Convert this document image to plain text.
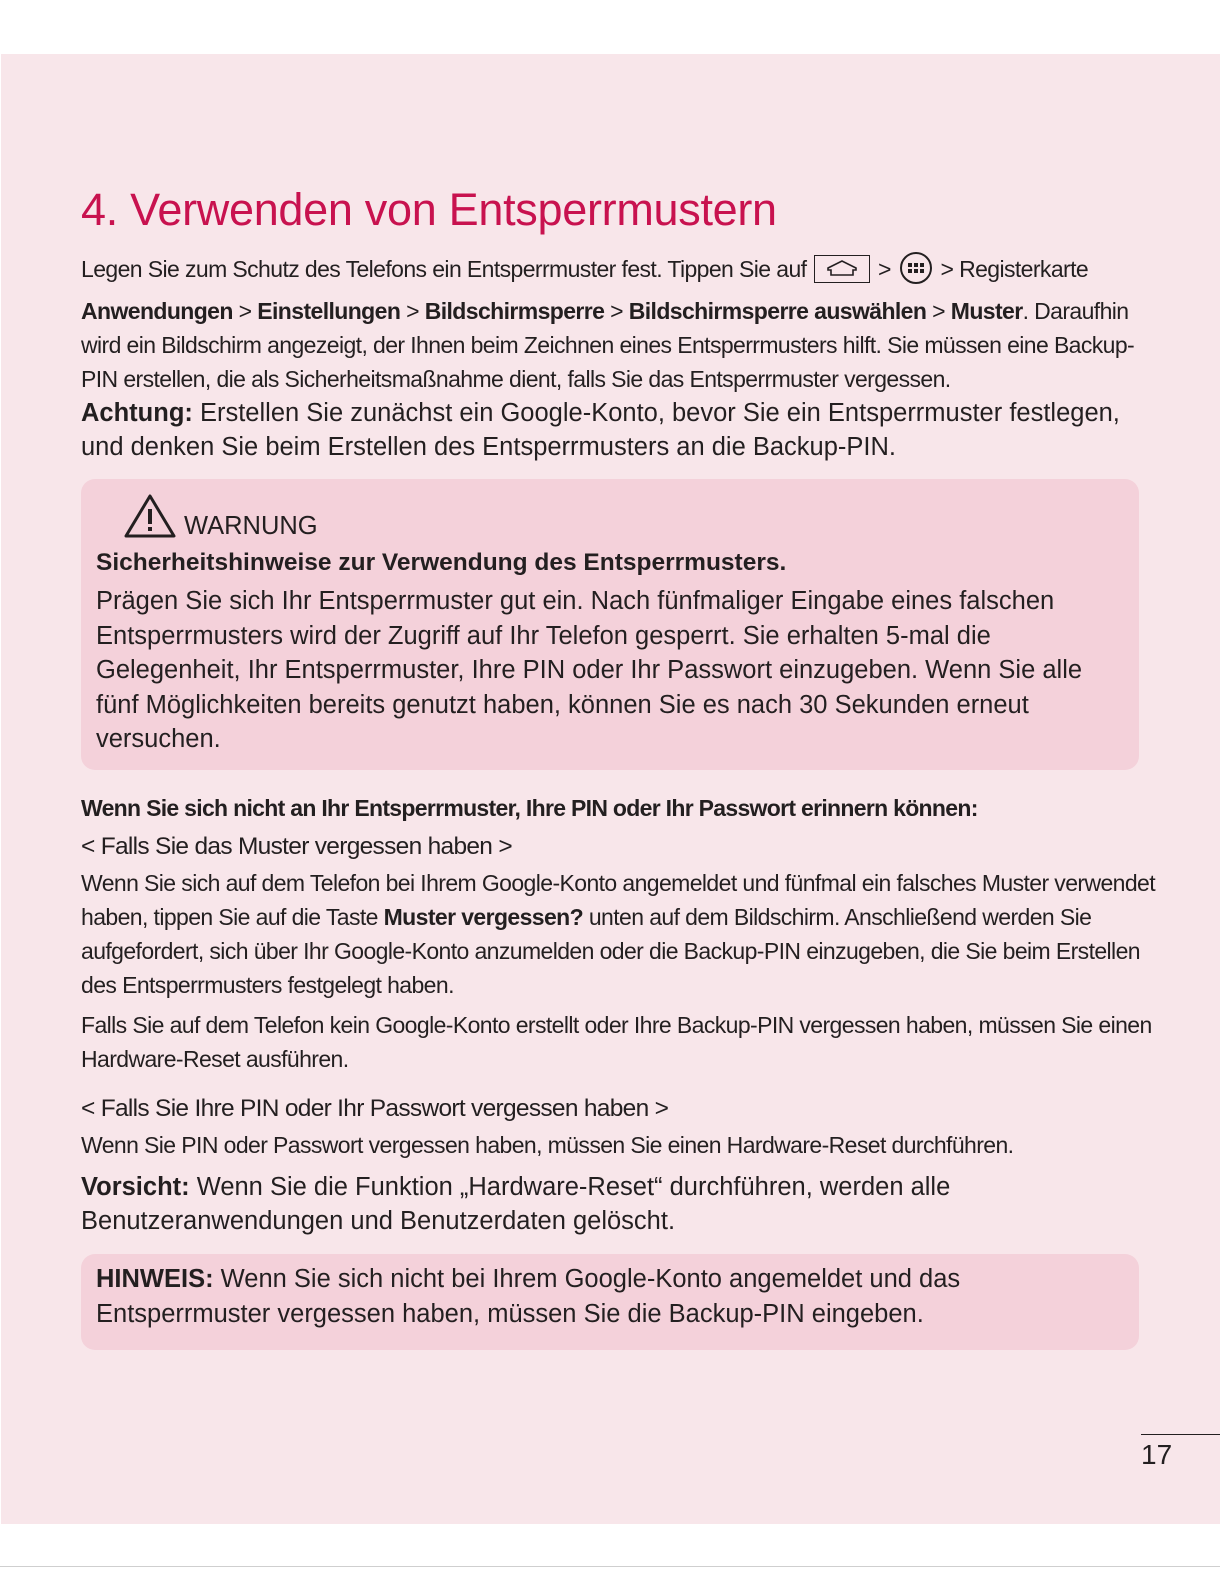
4. Verwenden von Entsperrmustern

Legen Sie zum Schutz des Telefons ein Entsperrmuster fest. Tippen Sie auf	> > Registerkarte Anwendungen > Einstellungen > Bildschirmsperre > Bildschirmsperre auswählen > Muster. Daraufhin wird ein Bildschirm angezeigt, der Ihnen beim Zeichnen eines Entsperrmusters hilft. Sie müssen eine Backup-PIN erstellen, die als Sicherheitsmaßnahme dient, falls Sie das Entsperrmuster vergessen.

Achtung: Erstellen Sie zunächst ein Google-Konto, bevor Sie ein Entsperrmuster festlegen, und denken Sie beim Erstellen des Entsperrmusters an die Backup-PIN.

WARNUNG

Sicherheitshinweise zur Verwendung des Entsperrmusters.

Prägen Sie sich Ihr Entsperrmuster gut ein. Nach fünfmaliger Eingabe eines falschen Entsperrmusters wird der Zugriff auf Ihr Telefon gesperrt. Sie erhalten 5-mal die Gelegenheit, Ihr Entsperrmuster, Ihre PIN oder Ihr Passwort einzugeben. Wenn Sie alle fünf Möglichkeiten bereits genutzt haben, können Sie es nach 30 Sekunden erneut versuchen.

Wenn Sie sich nicht an Ihr Entsperrmuster, Ihre PIN oder Ihr Passwort erinnern können:

< Falls Sie das Muster vergessen haben >

Wenn Sie sich auf dem Telefon bei Ihrem Google-Konto angemeldet und fünfmal ein falsches Muster verwendet haben, tippen Sie auf die Taste Muster vergessen? unten auf dem Bildschirm. Anschließend werden Sie aufgefordert, sich über Ihr Google-Konto anzumelden oder die Backup-PIN einzugeben, die Sie beim Erstellen des Entsperrmusters festgelegt haben.

Falls Sie auf dem Telefon kein Google-Konto erstellt oder Ihre Backup-PIN vergessen haben, müssen Sie einen Hardware-Reset ausführen.

< Falls Sie Ihre PIN oder Ihr Passwort vergessen haben >

Wenn Sie PIN oder Passwort vergessen haben, müssen Sie einen Hardware-Reset durchführen.

Vorsicht: Wenn Sie die Funktion „Hardware-Reset“ durchführen, werden alle Benutzeranwendungen und Benutzerdaten gelöscht.

HINWEIS: Wenn Sie sich nicht bei Ihrem Google-Konto angemeldet und das Entsperrmuster vergessen haben, müssen Sie die Backup-PIN eingeben.

17
